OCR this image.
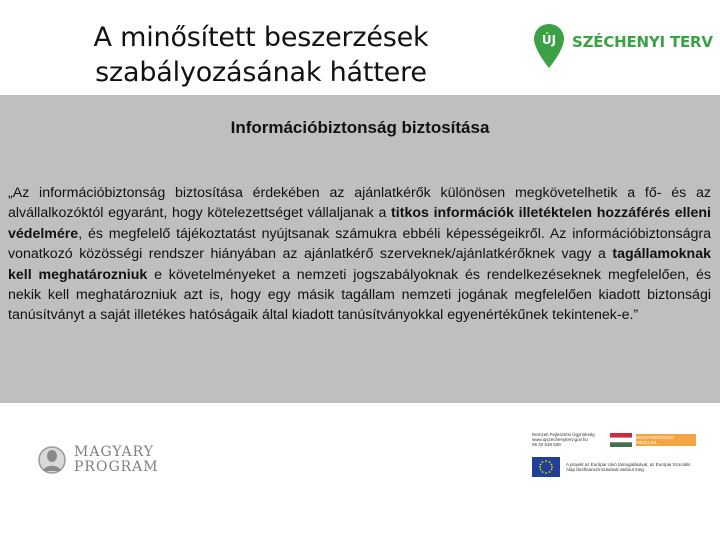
A minősített beszerzések
szabályozásának háttere
ÚJ SZÉCHENYI TERV
Információbiztonság biztosítása
„Az információbiztonság biztosítása érdekében az ajánlatkérők különösen megkövetelhetik a fő- és az alvállalkozóktól egyaránt, hogy kötelezettséget vállaljanak a titkos információk illetéktelen hozzáférés elleni védelmére, és megfelelő tájékoztatást nyújtsanak számukra ebbéli képességeikről. Az információbiztonságra vonatkozó közösségi rendszer hiányában az ajánlatkérő szerveknek/ajánlatkérőknek vagy a tagállamoknak kell meghatározniuk e követelményeket a nemzeti jogszabályoknak és rendelkezéseknek megfelelően, és nekik kell meghatározniuk azt is, hogy egy másik tagállam nemzeti jogának megfelelően kiadott biztonsági tanúsítványt a saját illetékes hatóságaik által kiadott tanúsítványokkal egyenértékűnek tekintenek-e.”
MAGYARY
PROGRAM
Nemzeti Fejlesztési Ügynökség
www.ujszechenyiterv.gov.hu
06 40 638 638
MAGYARORSZÁG MEGÚJUL
A projekt az Európai Unió támogatásával, az Európai Szociális Alap társfinanszírozásával valósul meg.
